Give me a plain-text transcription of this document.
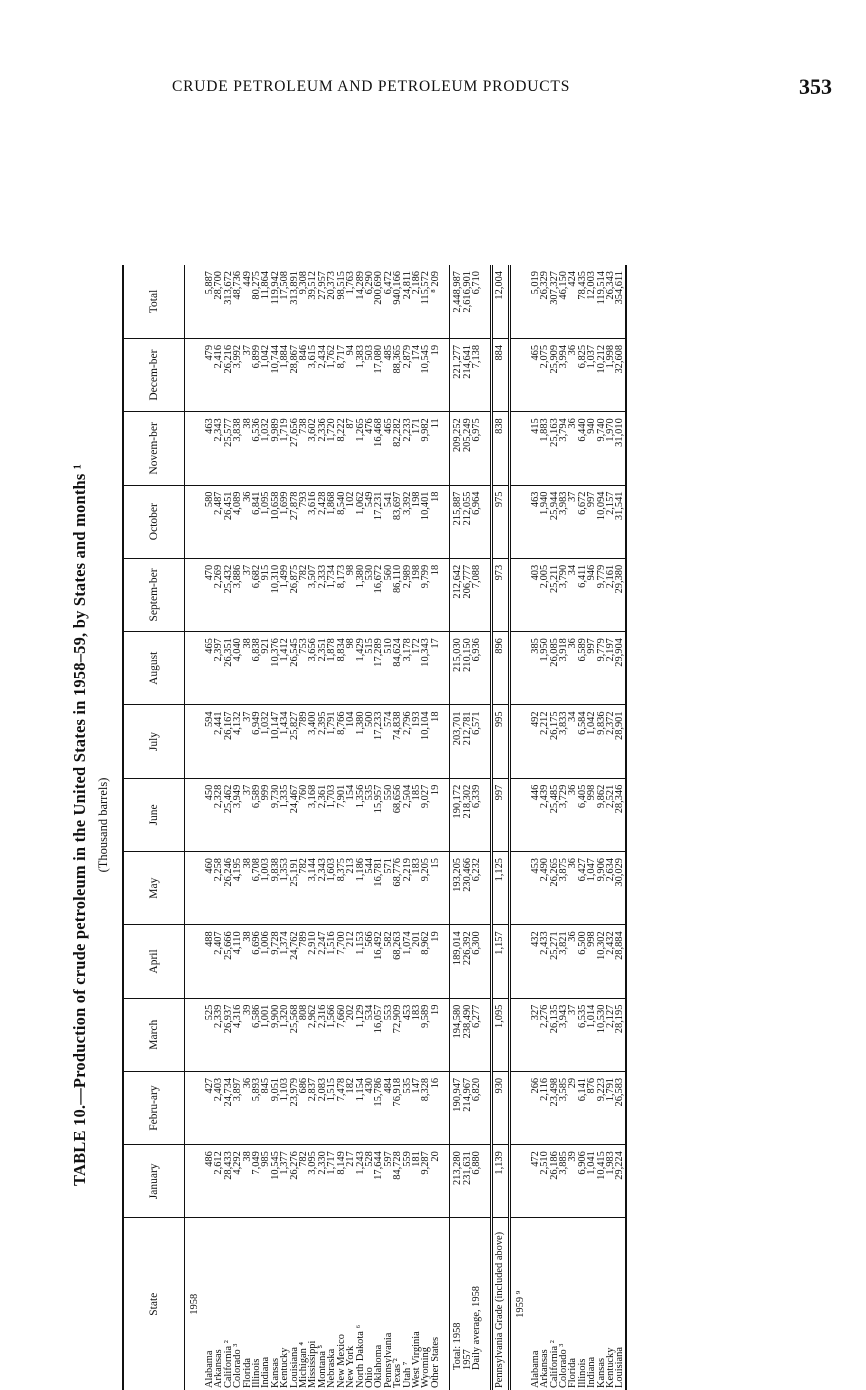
CRUDE PETROLEUM AND PETROLEUM PRODUCTS	353
TABLE 10.—Production of crude petroleum in the United States in 1958–59, by States and months ¹ (Thousand barrels)
State	January	Febru-ary	March	April	May	June	July	August	Septem-ber	October	Novem-ber	Decem-ber	Total
1958													
Alabama	486	427	525	488	460	450	594	465	470	580	463	479	5,887
Arkansas	2,612	2,403	2,339	2,407	2,258	2,328	2,441	2,397	2,269	2,487	2,343	2,416	28,700
California ²	28,433	24,734	26,937	25,666	26,246	25,462	26,167	26,351	25,432	26,451	25,577	26,216	313,672
Colorado ³	4,292	3,897	4,316	4,110	4,195	3,949	4,132	4,040	3,886	4,089	3,838	3,992	48,736
Florida	38	36	39	38	38	37	37	38	37	36	38	37	449
Illinois	7,049	5,893	6,586	6,696	6,708	6,589	6,949	6,838	6,682	6,841	6,536	6,899	80,275
Indiana	985	845	1,001	1,006	1,003	999	1,032	921	915	1,095	1,032	1,042	11,864
Kansas	10,545	9,051	9,900	9,728	9,838	9,730	10,147	10,376	10,310	10,658	9,989	10,744	119,942
Kentucky	1,377	1,103	1,320	1,374	1,353	1,335	1,434	1,412	1,499	1,699	1,719	1,884	17,508
Louisiana	26,276	23,979	25,568	24,762	25,191	24,467	25,827	26,545	26,875	27,878	27,656	28,867	313,891
Michigan ⁴	782	686	808	789	782	760	789	753	782	793	738	846	9,308
Mississippi	3,095	2,837	2,962	2,910	3,144	3,168	3,400	3,656	3,507	3,616	3,602	3,615	39,512
Montana ⁵	2,330	2,083	2,316	2,247	2,343	2,361	2,395	2,351	2,333	2,428	2,336	2,434	27,957
Nebraska	1,717	1,515	1,566	1,516	1,603	1,703	1,791	1,878	1,734	1,868	1,720	1,762	20,373
New Mexico	8,149	7,478	7,660	7,700	8,375	7,901	8,766	8,834	8,173	8,540	8,222	8,717	98,515
New York	217	182	202	212	213	154	104	98	98	102	87	94	1,763
North Dakota ⁶	1,243	1,154	1,129	1,153	1,186	1,356	1,380	1,429	1,380	1,062	1,265	1,383	14,289
Ohio	528	430	534	566	544	535	500	515	530	549	476	503	6,290
Oklahoma	17,644	15,786	16,057	16,492	16,781	15,957	17,233	17,289	16,672	17,231	16,468	17,080	200,690
Pennsylvania	597	484	553	582	571	550	574	510	560	541	465	485	6,472
Texas ²	84,728	76,918	72,909	68,263	68,776	68,656	74,838	84,624	86,110	83,697	82,282	88,365	940,166
Utah ⁷	559	535	453	1,074	2,219	2,504	2,796	3,178	2,989	3,392	2,233	2,879	24,811
West Virginia	181	147	183	201	183	185	193	172	198	198	171	174	2,186
Wyoming	9,287	8,328	9,589	8,962	9,205	9,027	10,104	10,343	9,799	10,401	9,982	10,545	115,572
Other States	20	16	19	19	15	19	18	17	18	18	11	19	⁸ 209

Total: 1958	213,280	190,947	194,580	189,014	193,205	190,172	203,701	215,030	212,642	215,887	209,252	221,277	2,448,987
1957	231,631	214,967	238,490	226,392	230,466	218,302	212,781	210,150	206,777	212,055	205,249	214,641	2,616,901
Daily average, 1958	6,880	6,820	6,277	6,300	6,232	6,339	6,571	6,936	7,088	6,964	6,975	7,138	6,710

Pennsylvania Grade (included above)	1,139	930	1,095	1,157	1,125	997	995	896	973	975	838	884	12,004
1959 ⁹													
Alabama	472	266	327	432	453	446	492	385	403	463	415	465	5,019
Arkansas	2,510	2,116	2,276	2,433	2,490	2,439	2,212	1,950	2,005	1,940	1,883	2,075	26,329
California ²	26,186	23,498	26,135	25,271	26,265	25,485	26,175	26,085	25,211	25,944	25,163	25,909	307,327
Colorado ³	3,885	3,585	3,943	3,821	3,875	3,729	3,833	3,918	3,790	3,983	3,794	3,994	46,150
Florida	39	29	37	36	36	36	34	36	34	37	36	36	424
Illinois	6,906	6,141	6,535	6,500	6,427	6,405	6,584	6,589	6,411	6,672	6,440	6,825	78,435
Indiana	1,041	876	1,014	998	1,047	998	1,042	997	946	997	940	1,037	12,003
Kansas	10,415	9,223	10,530	10,302	9,906	9,862	9,836	9,779	9,779	10,094	9,740	10,212	119,514
Kentucky	1,983	1,791	2,127	2,432	2,634	2,521	2,372	2,197	2,161	2,157	1,970	1,998	26,343
Louisiana	29,224	26,583	28,195	28,884	30,029	28,346	28,901	29,904	29,380	31,541	31,010	32,608	354,611
